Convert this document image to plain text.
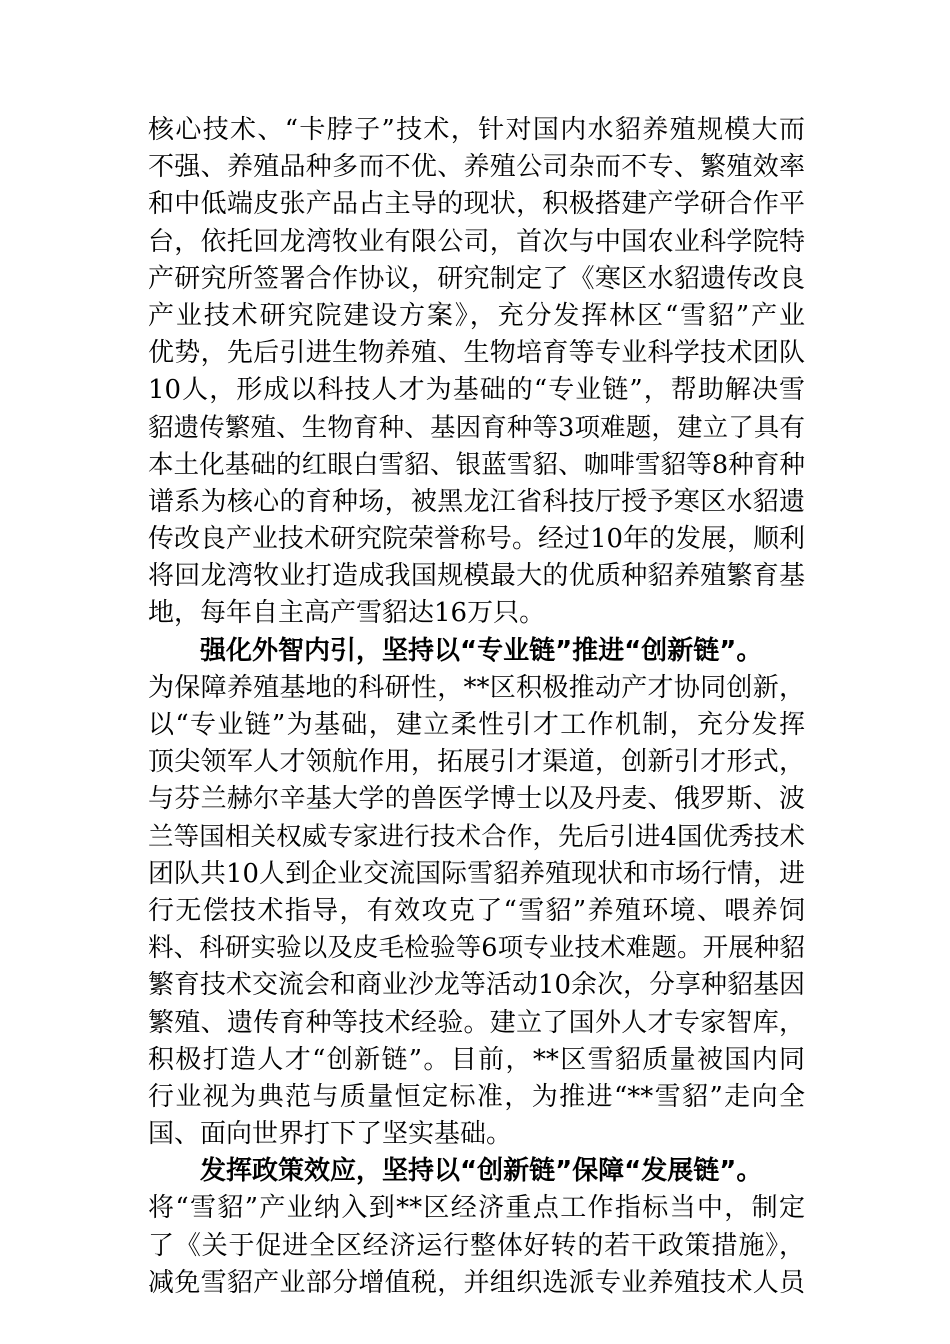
核心技术、“卡脖子”技术，针对国内水貂养殖规模大而
不强、养殖品种多而不优、养殖公司杂而不专、繁殖效率
和中低端皮张产品占主导的现状，积极搭建产学研合作平
台，依托回龙湾牧业有限公司，首次与中国农业科学院特
产研究所签署合作协议，研究制定了《寒区水貂遗传改良
产业技术研究院建设方案》，充分发挥林区“雪貂”产业
优势，先后引进生物养殖、生物培育等专业科学技术团队
10人，形成以科技人才为基础的“专业链”，帮助解决雪
貂遗传繁殖、生物育种、基因育种等3项难题，建立了具有
本土化基础的红眼白雪貂、银蓝雪貂、咖啡雪貂等8种育种
谱系为核心的育种场，被黑龙江省科技厅授予寒区水貂遗
传改良产业技术研究院荣誉称号。经过10年的发展，顺利
将回龙湾牧业打造成我国规模最大的优质种貂养殖繁育基
地，每年自主高产雪貂达16万只。
强化外智内引，坚持以“专业链”推进“创新链”。
为保障养殖基地的科研性，**区积极推动产才协同创新，
以“专业链”为基础，建立柔性引才工作机制，充分发挥
顶尖领军人才领航作用，拓展引才渠道，创新引才形式，
与芬兰赫尔辛基大学的兽医学博士以及丹麦、俄罗斯、波
兰等国相关权威专家进行技术合作，先后引进4国优秀技术
团队共10人到企业交流国际雪貂养殖现状和市场行情，进
行无偿技术指导，有效攻克了“雪貂”养殖环境、喂养饲
料、科研实验以及皮毛检验等6项专业技术难题。开展种貂
繁育技术交流会和商业沙龙等活动10余次，分享种貂基因
繁殖、遗传育种等技术经验。建立了国外人才专家智库，
积极打造人才“创新链”。目前，**区雪貂质量被国内同
行业视为典范与质量恒定标准，为推进“**雪貂”走向全
国、面向世界打下了坚实基础。
发挥政策效应，坚持以“创新链”保障“发展链”。
将“雪貂”产业纳入到**区经济重点工作指标当中，制定
了《关于促进全区经济运行整体好转的若干政策措施》，
减免雪貂产业部分增值税，并组织选派专业养殖技术人员
